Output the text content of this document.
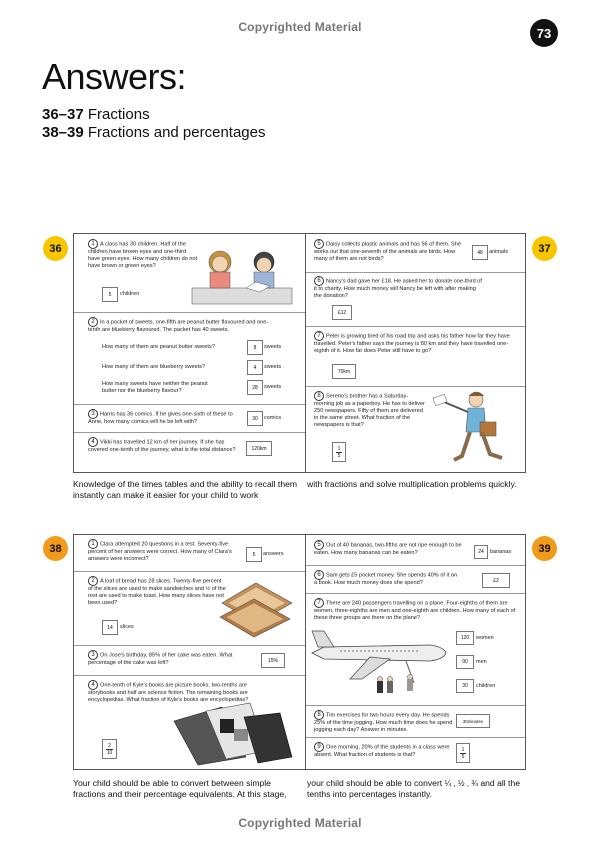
Copyrighted Material	73
Answers:
36–37 Fractions
38–39 Fractions and percentages
36	37
1 A class has 30 children. Half of the children have brown eyes and one-third have green eyes. How many children do not have brown or green eyes?
5	children
2 In a pocket of sweets, one-fifth are peanut butter flavoured and one-tenth are blueberry flavoured. The packet has 40 sweets.
How many of them are peanut butter sweets?	8	sweets
How many of them are blueberry sweets?	4	sweets
How many sweets have neither the peanut butter nor the blueberry flavour?
28	sweets
3 Harris has 36 comics. If he gives one-sixth of these to Anne, how many comics will he be left with?
30	comics
4 Vikki has travelled 12 km of her journey. If she has covered one-tenth of the journey, what is the total distance?	120km
5 Daisy collects plastic animals and has 56 of them. She works out that one-seventh of the animals are birds. How many of them are not birds?
48	animals
6 Nancy's dad gave her £18. He asked her to donate one-third of it to charity. How much money will Nancy be left with after making the donation?
£12
7 Peter is growing tired of his road trip and asks his father how far they have travelled. Peter's father says the journey is 80 km and they have travelled one-eighth of it. How far does Peter still have to go?
70km
8 Sereno's brother has a Saturday-morning job as a paperboy. He has to deliver 250 newspapers. Fifty of them are delivered in the same street. What fraction of the newspapers is that?
1
5
Knowledge of the times tables and the ability to recall them instantly can make it easier for your child to work
with fractions and solve multiplication problems quickly.
38	39
1 Clara attempted 20 questions in a test. Seventy-five percent of her answers were correct. How many of Clara's answers were incorrect?
5	answers
2 A loaf of bread has 28 slices. Twenty-five percent of the slices are used to make sandwiches and ½ of the rest are used to make toast. How many slices have not been used?
14	slices
3 On Jose's birthday, 85% of her cake was eaten. What percentage of the cake was left?	15%
4 One-tenth of Kyle's books are picture books, two-tenths are storybooks and half are science fiction. The remaining books are encyclopedias. What fraction of Kyle's books are encyclopedias?
2
10
5 Out of 40 bananas, two-fifths are not ripe enough to be eaten. How many bananas can be eaten?	24	bananas
6 Sam gets £5 pocket money. She spends 40% of it on a book. How much money does she spend?	£2
7 There are 240 passengers travelling on a plane. Four-eighths of them are women, three-eighths are men and one-eighth are children. How many of each of these three groups are there on the plane?
120	women
90	men
30	children
8 Tim exercises for two hours every day. He spends 25% of the time jogging. How much time does he spend jogging each day? Answer in minutes.
30minutes
9 One morning, 20% of the students in a class were absent. What fraction of students is that?
1
5
Your child should be able to convert between simple fractions and their percentage equivalents. At this stage,
your child should be able to convert ¼ , ½ , ¾ and all the tenths into percentages instantly.
Copyrighted Material
